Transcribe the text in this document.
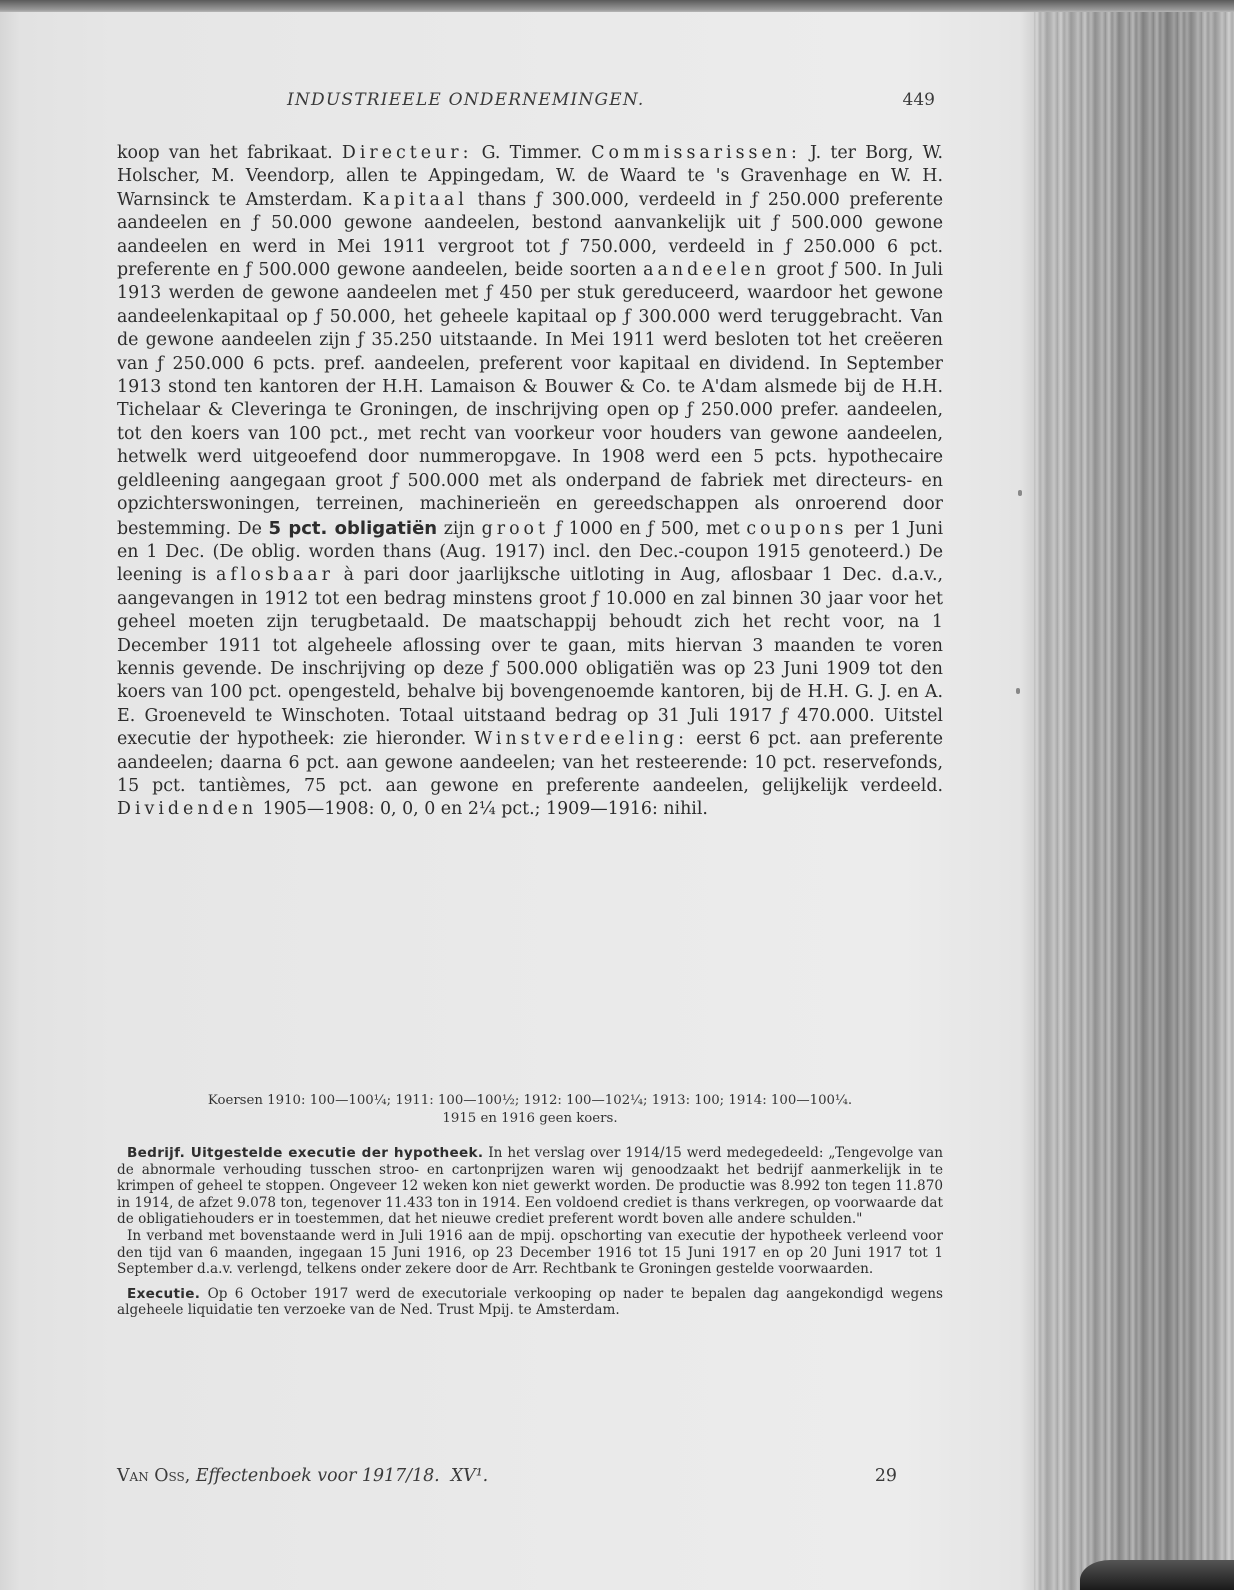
INDUSTRIEELE ONDERNEMINGEN.	449

koop van het fabrikaat. Directeur: G. Timmer. Commissarissen: J. ter Borg, W. Holscher, M. Veendorp, allen te Appingedam, W. de Waard te 's Gravenhage en W. H. Warnsinck te Amsterdam. Kapitaal thans ƒ 300.000, verdeeld in ƒ 250.000 preferente aandeelen en ƒ 50.000 gewone aandeelen, bestond aanvankelijk uit ƒ 500.000 gewone aandeelen en werd in Mei 1911 vergroot tot ƒ 750.000, verdeeld in ƒ 250.000 6 pct. preferente en ƒ 500.000 gewone aandeelen, beide soorten aandeelen groot ƒ 500. In Juli 1913 werden de gewone aandeelen met ƒ 450 per stuk gereduceerd, waardoor het gewone aandeelenkapitaal op ƒ 50.000, het geheele kapitaal op ƒ 300.000 werd teruggebracht. Van de gewone aandeelen zijn ƒ 35.250 uitstaande. In Mei 1911 werd besloten tot het creëeren van ƒ 250.000 6 pcts. pref. aandeelen, preferent voor kapitaal en dividend. In September 1913 stond ten kantoren der H.H. Lamaison & Bouwer & Co. te A'dam alsmede bij de H.H. Tichelaar & Cleveringa te Groningen, de inschrijving open op ƒ 250.000 prefer. aandeelen, tot den koers van 100 pct., met recht van voorkeur voor houders van gewone aandeelen, hetwelk werd uitgeoefend door nummeropgave. In 1908 werd een 5 pcts. hypothecaire geldleening aangegaan groot ƒ 500.000 met als onderpand de fabriek met directeurs- en opzichterswoningen, terreinen, machinerieën en gereedschappen als onroerend door bestemming. De 5 pct. obligatiën zijn groot ƒ 1000 en ƒ 500, met coupons per 1 Juni en 1 Dec. (De oblig. worden thans (Aug. 1917) incl. den Dec.-coupon 1915 genoteerd.) De leening is aflosbaar à pari door jaarlijksche uitloting in Aug, aflosbaar 1 Dec. d.a.v., aangevangen in 1912 tot een bedrag minstens groot ƒ 10.000 en zal binnen 30 jaar voor het geheel moeten zijn terugbetaald. De maatschappij behoudt zich het recht voor, na 1 December 1911 tot algeheele aflossing over te gaan, mits hiervan 3 maanden te voren kennis gevende. De inschrijving op deze ƒ 500.000 obligatiën was op 23 Juni 1909 tot den koers van 100 pct. opengesteld, behalve bij bovengenoemde kantoren, bij de H.H. G. J. en A. E. Groeneveld te Winschoten. Totaal uitstaand bedrag op 31 Juli 1917 ƒ 470.000. Uitstel executie der hypotheek: zie hieronder. Winstverdeeling: eerst 6 pct. aan preferente aandeelen; daarna 6 pct. aan gewone aandeelen; van het resteerende: 10 pct. reservefonds, 15 pct. tantièmes, 75 pct. aan gewone en preferente aandeelen, gelijkelijk verdeeld. Dividenden 1905—1908: 0, 0, 0 en 2¼ pct.; 1909—1916: nihil.

Koersen 1910: 100—100¼; 1911: 100—100½; 1912: 100—102¼; 1913: 100; 1914: 100—100¼.
1915 en 1916 geen koers.

Bedrijf. Uitgestelde executie der hypotheek. In het verslag over 1914/15 werd medegedeeld: „Tengevolge van de abnormale verhouding tusschen stroo- en cartonprijzen waren wij genoodzaakt het bedrijf aanmerkelijk in te krimpen of geheel te stoppen. Ongeveer 12 weken kon niet gewerkt worden. De productie was 8.992 ton tegen 11.870 in 1914, de afzet 9.078 ton, tegenover 11.433 ton in 1914. Een voldoend crediet is thans verkregen, op voorwaarde dat de obligatiehouders er in toestemmen, dat het nieuwe crediet preferent wordt boven alle andere schulden."

In verband met bovenstaande werd in Juli 1916 aan de mpij. opschorting van executie der hypotheek verleend voor den tijd van 6 maanden, ingegaan 15 Juni 1916, op 23 December 1916 tot 15 Juni 1917 en op 20 Juni 1917 tot 1 September d.a.v. verlengd, telkens onder zekere door de Arr. Rechtbank te Groningen gestelde voorwaarden.

Executie. Op 6 October 1917 werd de executoriale verkooping op nader te bepalen dag aangekondigd wegens algeheele liquidatie ten verzoeke van de Ned. Trust Mpij. te Amsterdam.

Van Oss, Effectenboek voor 1917/18. XV¹.	29
